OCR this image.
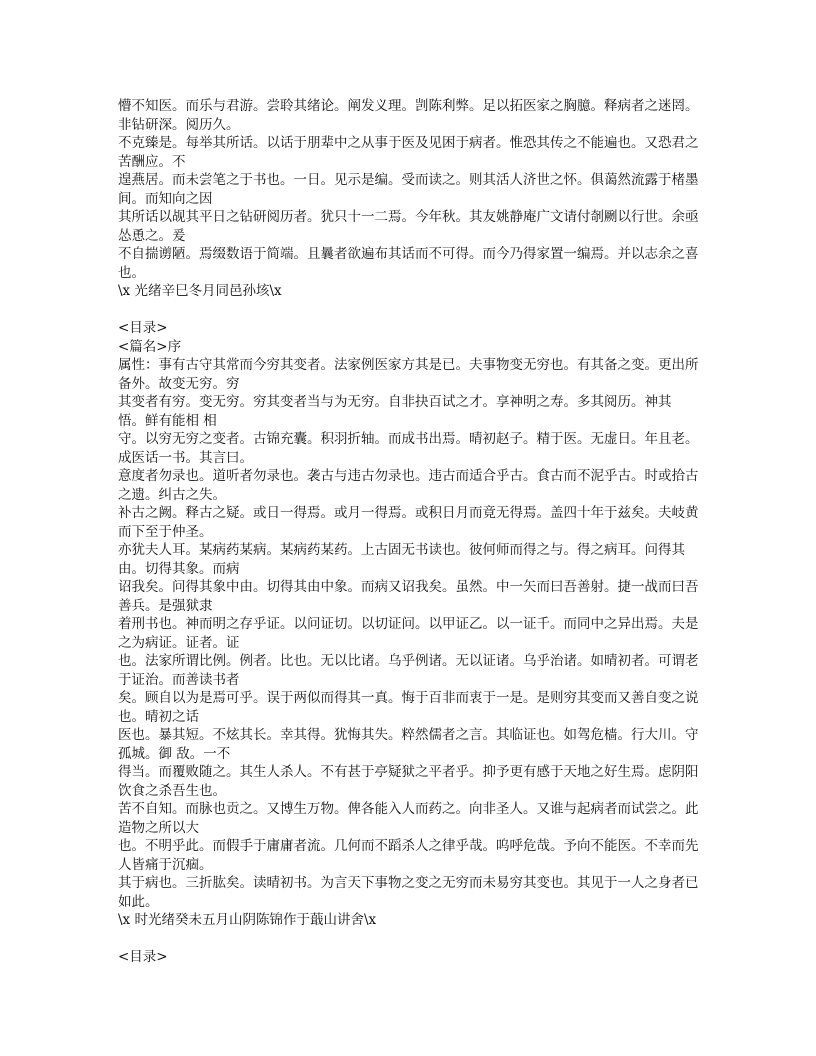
懵不知医。而乐与君游。尝聆其绪论。阐发义理。剀陈利弊。足以拓医家之胸臆。释病者之迷罔。非钻研深。阅历久。
不克臻是。每举其所话。以话于朋辈中之从事于医及见困于病者。惟恐其传之不能遍也。又恐君之苦酬应。不
遑燕居。而未尝笔之于书也。一日。见示是编。受而读之。则其活人济世之怀。俱蔼然流露于楮墨间。而知向之因
其所话以觇其平日之钻研阅历者。犹只十一二焉。今年秋。其友姚静庵广文请付剞劂以行世。余亟怂恿之。爰
不自揣谫陋。焉缀数语于简端。且曩者欲遍布其话而不可得。而今乃得家置一编焉。并以志余之喜也。
\x 光绪辛巳冬月同邑孙垓\x
<目录>
<篇名>序
属性：事有古守其常而今穷其变者。法家例医家方其是已。夫事物变无穷也。有其备之变。更出所备外。故变无穷。穷
其变者有穷。变无穷。穷其变者当与为无穷。自非抉百试之才。享神明之寿。多其阅历。神其 悟。鲜有能相 相
守。以穷无穷之变者。古锦充囊。积羽折轴。而成书出焉。晴初赵子。精于医。无虚日。年且老。成医话一书。其言曰。
意度者勿录也。道听者勿录也。袭古与违古勿录也。违古而适合乎古。食古而不泥乎古。时或拾古之遗。纠古之失。
补古之阙。释古之疑。或日一得焉。或月一得焉。或积日月而竟无得焉。盖四十年于兹矣。夫岐黄而下至于仲圣。
亦犹夫人耳。某病药某病。某病药某药。上古固无书读也。彼何师而得之与。得之病耳。问得其由。切得其象。而病
诏我矣。问得其象中由。切得其由中象。而病又诏我矣。虽然。中一矢而曰吾善射。捷一战而曰吾善兵。是强狱隶
着刑书也。神而明之存乎证。以问证切。以切证问。以甲证乙。以一证千。而同中之异出焉。夫是之为病证。证者。证
也。法家所谓比例。例者。比也。无以比诸。乌乎例诸。无以证诸。乌乎治诸。如晴初者。可谓老于证治。而善读书者
矣。顾自以为是焉可乎。误于两似而得其一真。悔于百非而衷于一是。是则穷其变而又善自变之说也。晴初之话
医也。暴其短。不炫其长。幸其得。犹悔其失。粹然儒者之言。其临证也。如驾危樯。行大川。守孤城。御 敌。一不
得当。而覆败随之。其生人杀人。不有甚于亭疑狱之平者乎。抑予更有感于天地之好生焉。虑阴阳饮食之杀吾生也。
苦不自知。而脉也贡之。又博生万物。俾各能入人而药之。向非圣人。又谁与起病者而试尝之。此造物之所以大
也。不明乎此。而假手于庸庸者流。几何而不蹈杀人之律乎哉。呜呼危哉。予向不能医。不幸而先人皆痛于沉痼。
其于病也。三折肱矣。读晴初书。为言天下事物之变之无穷而未易穷其变也。其见于一人之身者已如此。
\x 时光绪癸未五月山阴陈锦作于蕺山讲舍\x
<目录>
